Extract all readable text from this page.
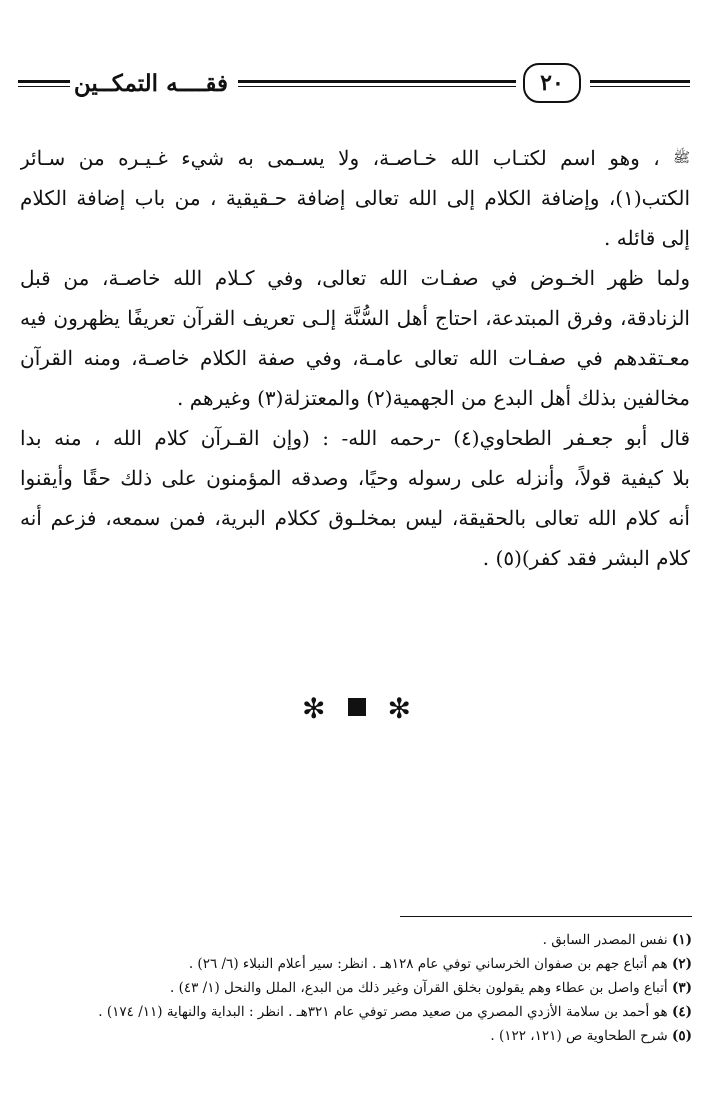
فقــــه التمكــين	٢٠
ﷺ ، وهو اسم لكتـاب الله خـاصـة، ولا يسـمى به شيء غـيـره من سـائر
الكتب(١)، وإضافة الكلام إلى الله تعالى إضافة حـقيقية ، من باب إضافة الكلام
إلى قائله .
ولما ظهر الخـوض في صفـات الله تعالى، وفي كـلام الله خاصـة، من قبل
الزنادقة، وفرق المبتدعة، احتاج أهل السُّنَّة إلـى تعريف القرآن تعريفًا يظهرون فيه
معـتقدهم في صفـات الله تعالى عامـة، وفي صفة الكلام خاصـة، ومنه القرآن
مخالفين بذلك أهل البدع من الجهمية(٢) والمعتزلة(٣) وغيرهم .
قال أبو جعـفر الطحاوي(٤) -رحمه الله- : (وإن القـرآن كلام الله ، منه بدا
بلا كيفية قولاً، وأنزله على رسوله وحيًا، وصدقه المؤمنون على ذلك حقًا وأيقنوا
أنه كلام الله تعالى بالحقيقة، ليس بمخلـوق ككلام البرية، فمن سمعه، فزعم أنه
كلام البشر فقد كفر)(٥) .
✻ ✻
(١) نفس المصدر السابق .
(٢) هم أتباع جهم بن صفوان الخرساني توفي عام ١٢٨هـ . انظر: سير أعلام النبلاء (٦/ ٢٦) .
(٣) أتباع واصل بن عطاء وهم يقولون بخلق القرآن وغير ذلك من البدع، الملل والنحل (١/ ٤٣) .
(٤) هو أحمد بن سلامة الأزدي المصري من صعيد مصر توفي عام ٣٢١هـ . انظر : البداية والنهاية (١١/ ١٧٤) .
(٥) شرح الطحاوية ص (١٢١، ١٢٢) .
